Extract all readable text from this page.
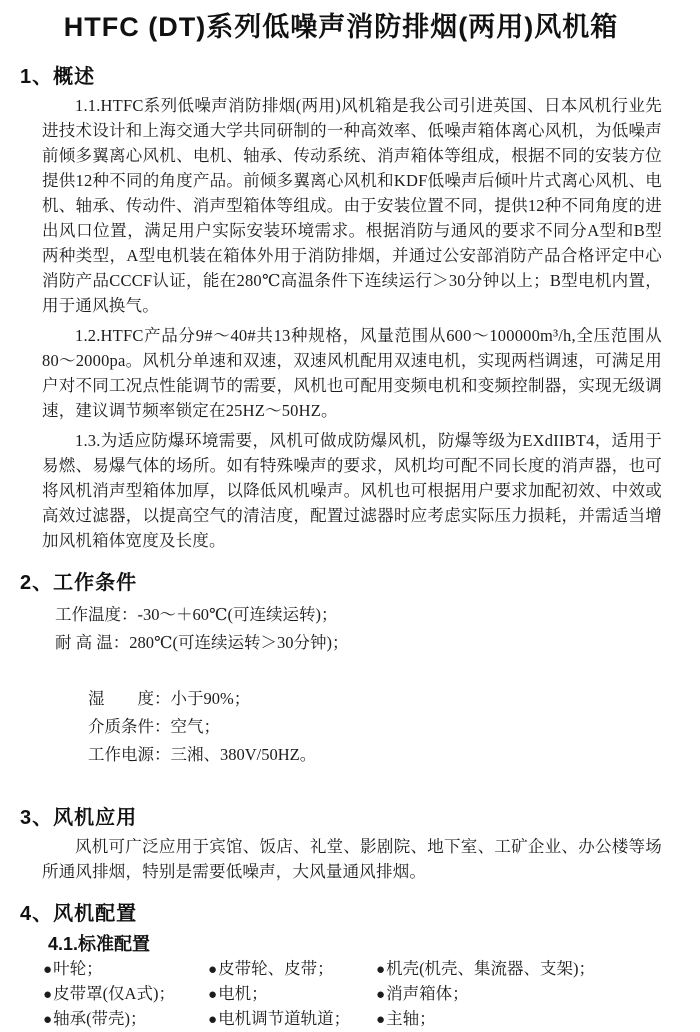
HTFC (DT)系列低噪声消防排烟(两用)风机箱
1、概述

1.1.HTFC系列低噪声消防排烟(两用)风机箱是我公司引进英国、日本风机行业先进技术设计和上海交通大学共同研制的一种高效率、低噪声箱体离心风机，为低噪声前倾多翼离心风机、电机、轴承、传动系统、消声箱体等组成，根据不同的安装方位提供12种不同的角度产品。前倾多翼离心风机和KDF低噪声后倾叶片式离心风机、电机、轴承、传动件、消声型箱体等组成。由于安装位置不同，提供12种不同角度的进出风口位置，满足用户实际安装环境需求。根据消防与通风的要求不同分A型和B型两种类型，A型电机装在箱体外用于消防排烟，并通过公安部消防产品合格评定中心消防产品CCCF认证，能在280℃高温条件下连续运行＞30分钟以上；B型电机内置，用于通风换气。

1.2.HTFC产品分9#～40#共13种规格，风量范围从600～100000m³/h,全压范围从80～2000pa。风机分单速和双速，双速风机配用双速电机，实现两档调速，可满足用户对不同工况点性能调节的需要，风机也可配用变频电机和变频控制器，实现无级调速，建议调节频率锁定在25HZ～50HZ。

1.3.为适应防爆环境需要，风机可做成防爆风机，防爆等级为EXdIIBT4，适用于易燃、易爆气体的场所。如有特殊噪声的要求，风机均可配不同长度的消声器，也可将风机消声型箱体加厚，以降低风机噪声。风机也可根据用户要求加配初效、中效或高效过滤器，以提高空气的清洁度，配置过滤器时应考虑实际压力损耗，并需适当增加风机箱体宽度及长度。

2、工作条件
工作温度：-30～＋60℃(可连续运转)；
耐 高 温：280℃(可连续运转＞30分钟)；

湿　　度：小于90%；
介质条件：空气；
工作电源：三湘、380V/50HZ。

3、风机应用

风机可广泛应用于宾馆、饭店、礼堂、影剧院、地下室、工矿企业、办公楼等场所通风排烟，特别是需要低噪声，大风量通风排烟。

4、风机配置
4.1.标准配置
●叶轮；	●皮带轮、皮带；	●机壳(机壳、集流器、支架)；
●皮带罩(仅A式)；	●电机；	●消声箱体；
●轴承(带壳)；	●电机调节道轨道；	●主轴；
